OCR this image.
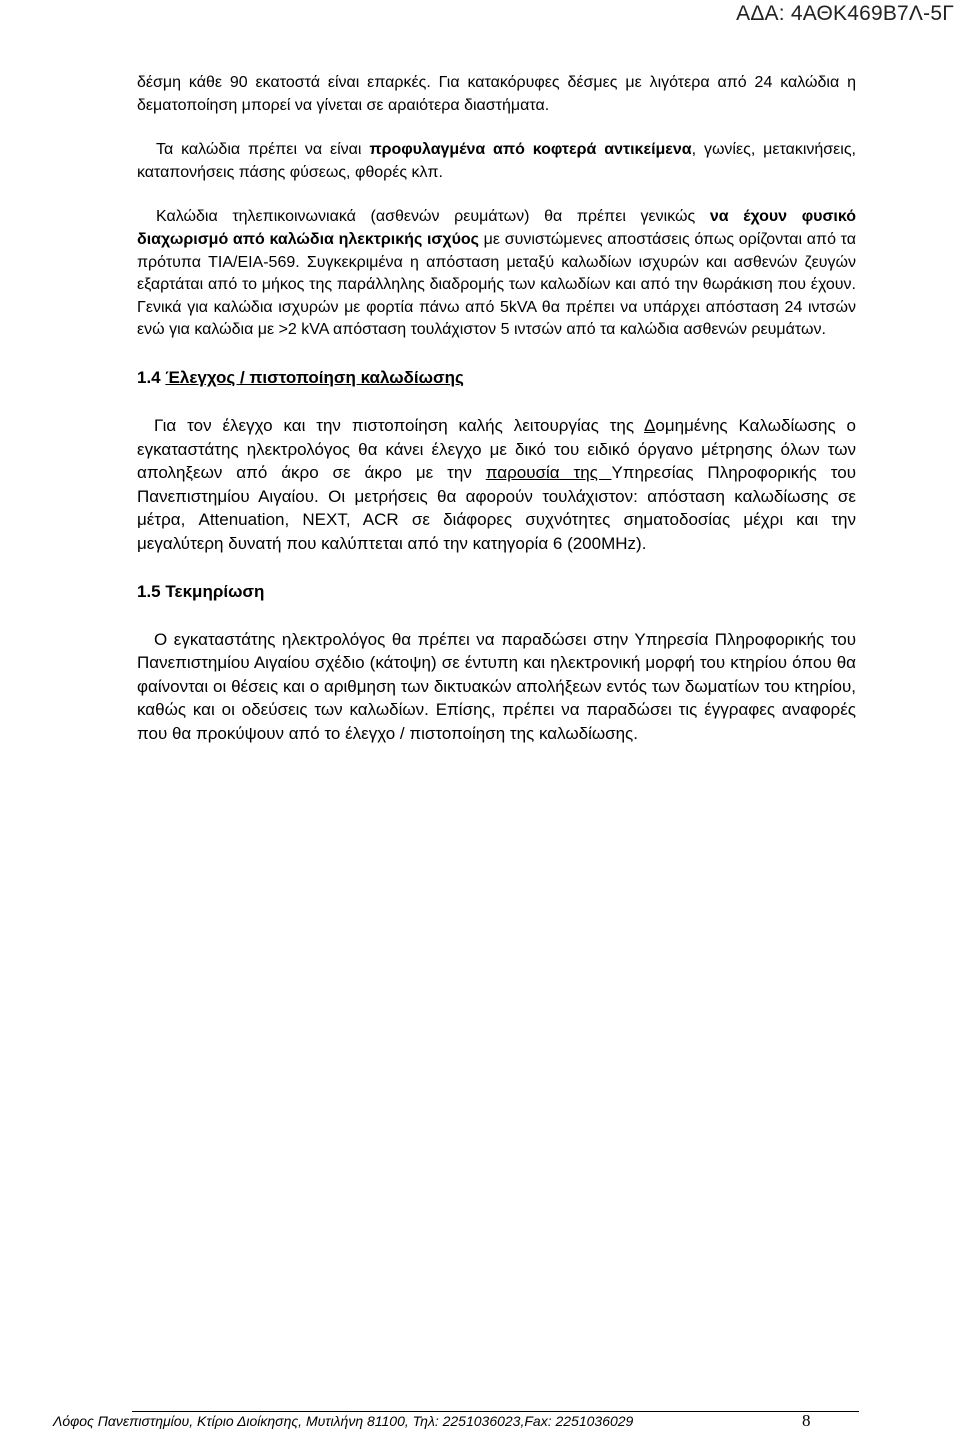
ΑΔΑ: 4ΑΘΚ469Β7Λ-5Γ

δέσμη κάθε 90 εκατοστά είναι επαρκές. Για κατακόρυφες δέσμες με λιγότερα από 24 καλώδια η δεματοποίηση μπορεί να γίνεται σε αραιότερα διαστήματα.

Τα καλώδια πρέπει να είναι προφυλαγμένα από κοφτερά αντικείμενα, γωνίες, μετακινήσεις, καταπονήσεις πάσης φύσεως, φθορές κλπ.

Καλώδια τηλεπικοινωνιακά (ασθενών ρευμάτων) θα πρέπει γενικώς να έχουν φυσικό διαχωρισμό από καλώδια ηλεκτρικής ισχύος με συνιστώμενες αποστάσεις όπως ορίζονται από τα πρότυπα TIA/EIA-569. Συγκεκριμένα η απόσταση μεταξύ καλωδίων ισχυρών και ασθενών ζευγών εξαρτάται από το μήκος της παράλληλης διαδρομής των καλωδίων και από την θωράκιση που έχουν. Γενικά για καλώδια ισχυρών με φορτία πάνω από 5kVA θα πρέπει να υπάρχει απόσταση 24 ιντσών ενώ για καλώδια με >2 kVA απόσταση τουλάχιστον 5 ιντσών από τα καλώδια ασθενών ρευμάτων.

1.4 Έλεγχος / πιστοποίηση καλωδίωσης

Για τον έλεγχο και την πιστοποίηση καλής λειτουργίας της Δομημένης Καλωδίωσης ο εγκαταστάτης ηλεκτρολόγος θα κάνει έλεγχο με δικό του ειδικό όργανο μέτρησης όλων των αποληξεων από άκρο σε άκρο με την παρουσία της Υπηρεσίας Πληροφορικής του Πανεπιστημίου Αιγαίου. Οι μετρήσεις θα αφορούν τουλάχιστον: απόσταση καλωδίωσης σε μέτρα, Attenuation, NEXT, ACR σε διάφορες συχνότητες σηματοδοσίας μέχρι και την μεγαλύτερη δυνατή που καλύπτεται από την κατηγορία 6 (200MHz).

1.5 Τεκμηρίωση

Ο εγκαταστάτης ηλεκτρολόγος θα πρέπει να παραδώσει στην Υπηρεσία Πληροφορικής του Πανεπιστημίου Αιγαίου σχέδιο (κάτοψη) σε έντυπη και ηλεκτρονική μορφή του κτηρίου όπου θα φαίνονται οι θέσεις και ο αριθμηση των δικτυακών απολήξεων εντός των δωματίων του κτηρίου, καθώς και οι οδεύσεις των καλωδίων. Επίσης, πρέπει να παραδώσει τις έγγραφες αναφορές που θα προκύψουν από το έλεγχο / πιστοποίηση της καλωδίωσης.

Λόφος Πανεπιστημίου, Κτίριο Διοίκησης, Μυτιλήνη 81100, Τηλ: 2251036023,Fax: 2251036029	8
